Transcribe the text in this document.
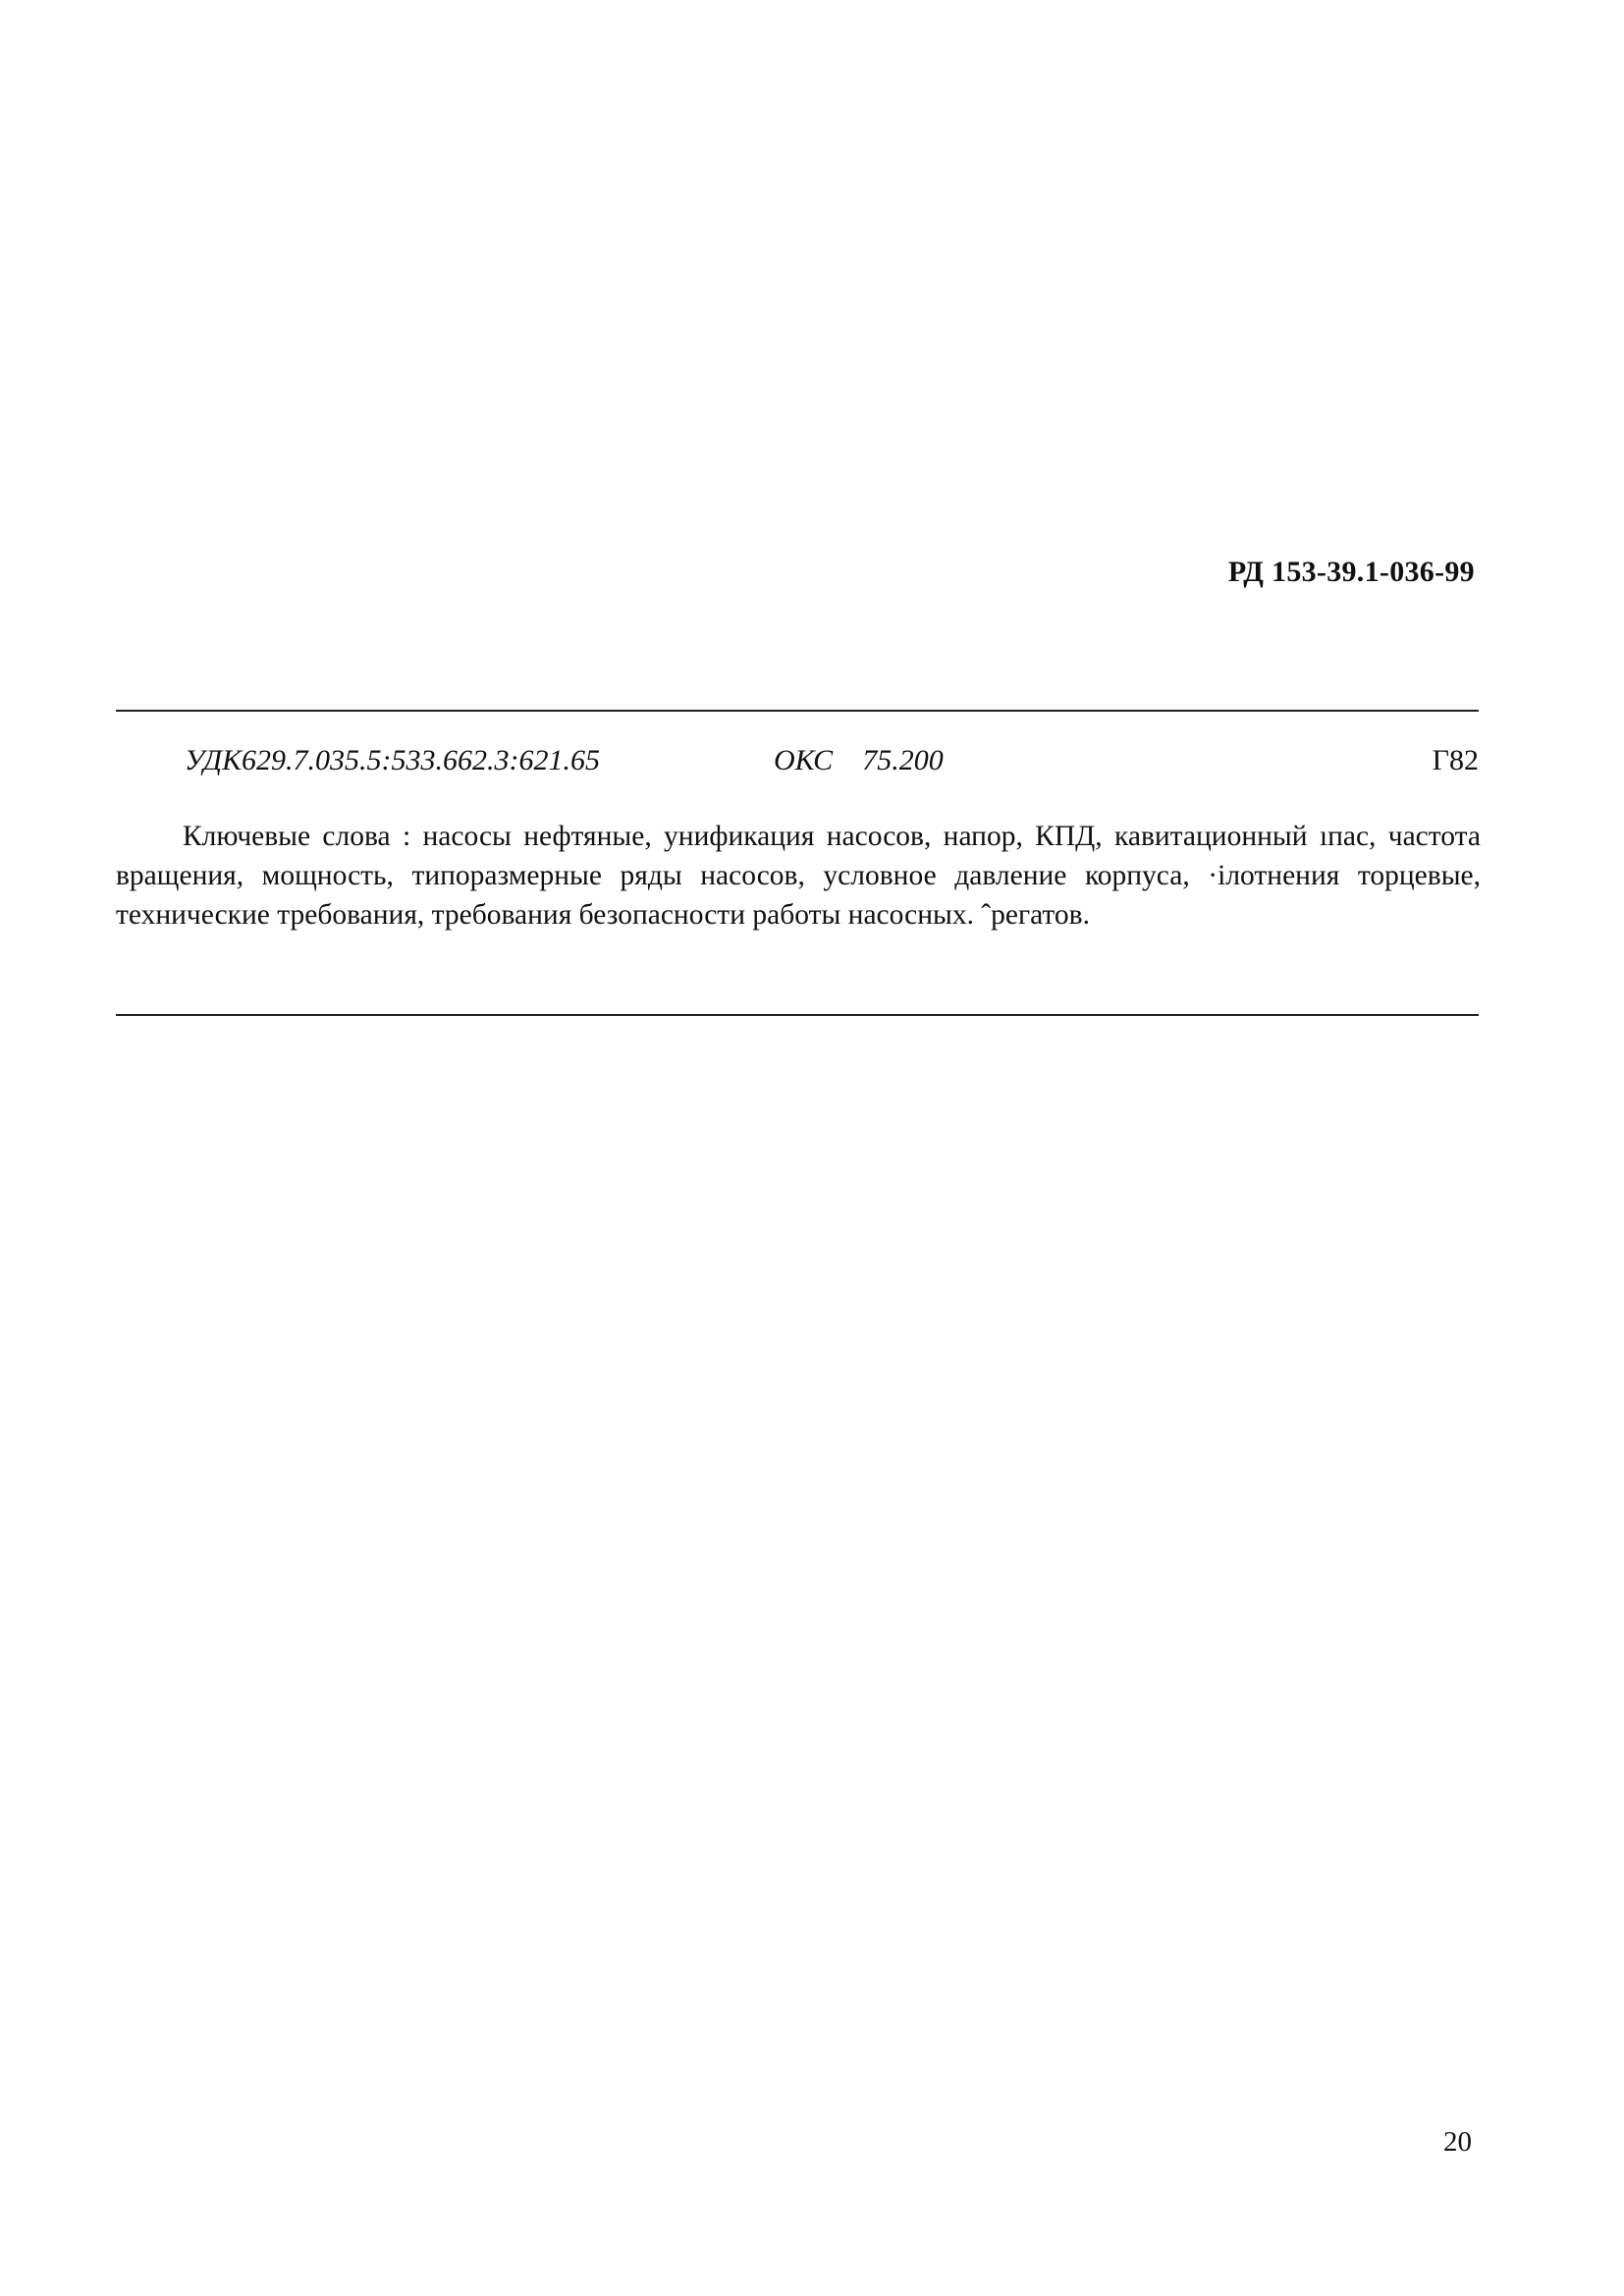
РД 153-39.1-036-99
УДК629.7.035.5:533.662.3:621.65	ОКС 75.200	Г82

Ключевые слова : насосы нефтяные, унификация насосов, напор, КПД, кавитационный ıпас, частота вращения, мощность, типоразмерные ряды насосов, условное давление корпуса, ·ілотнения торцевые, технические требования, требования безопасности работы насосных. ˆрегатов.

20
